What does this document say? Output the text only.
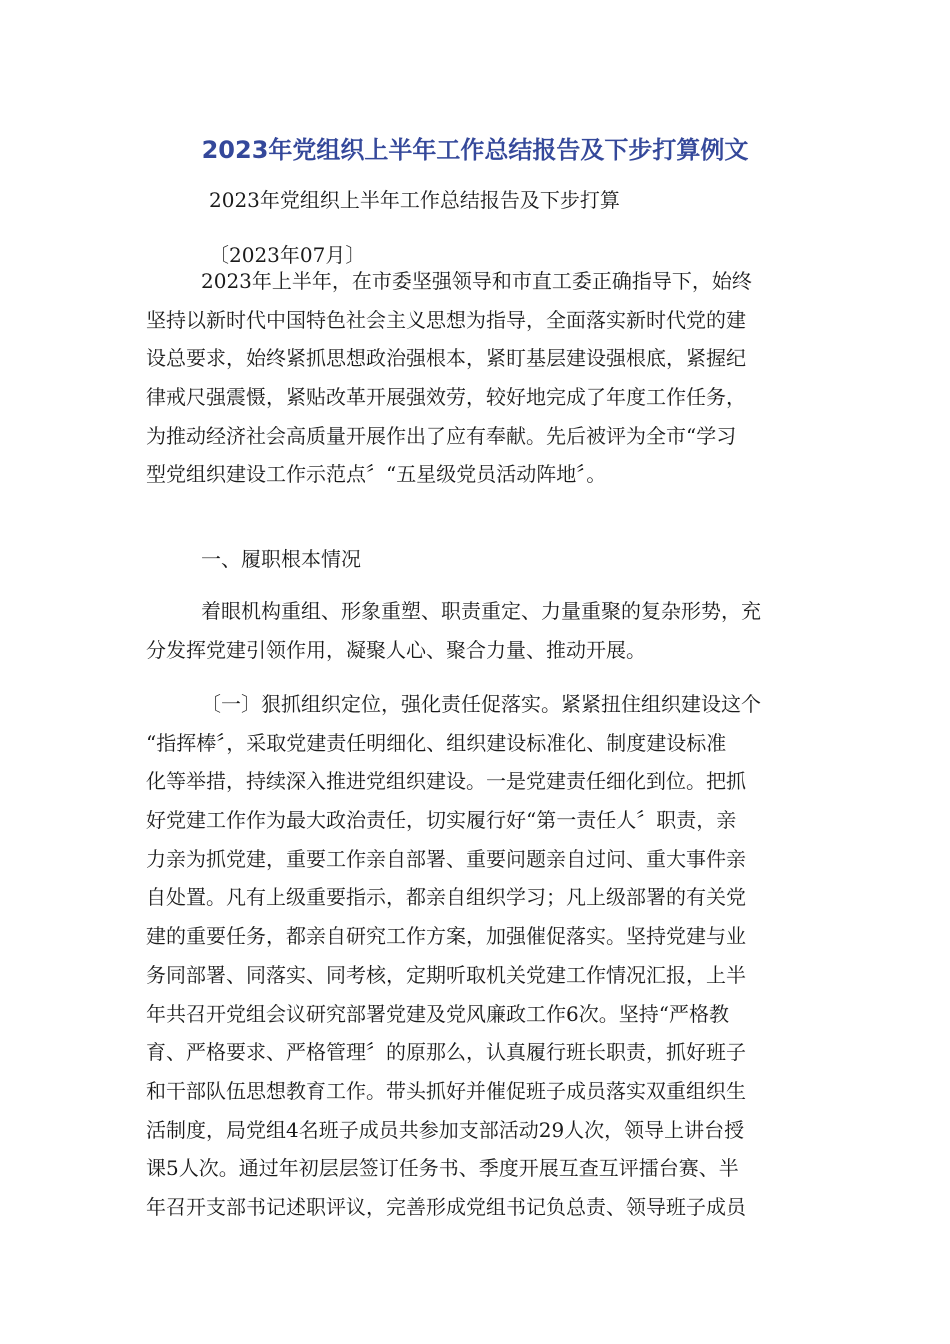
2023年党组织上半年工作总结报告及下步打算例文

2023年党组织上半年工作总结报告及下步打算

〔2023年07月〕

2023年上半年，在市委坚强领导和市直工委正确指导下，始终
坚持以新时代中国特色社会主义思想为指导，全面落实新时代党的建
设总要求，始终紧抓思想政治强根本，紧盯基层建设强根底，紧握纪
律戒尺强震慑，紧贴改革开展强效劳，较好地完成了年度工作任务，
为推动经济社会高质量开展作出了应有奉献。先后被评为全市“学习
型党组织建设工作示范点〞“五星级党员活动阵地〞。
一、履职根本情况
着眼机构重组、形象重塑、职责重定、力量重聚的复杂形势，充
分发挥党建引领作用，凝聚人心、聚合力量、推动开展。
〔一〕狠抓组织定位，强化责任促落实。紧紧扭住组织建设这个
“指挥棒〞，采取党建责任明细化、组织建设标准化、制度建设标准
化等举措，持续深入推进党组织建设。一是党建责任细化到位。把抓
好党建工作作为最大政治责任，切实履行好“第一责任人〞职责，亲
力亲为抓党建，重要工作亲自部署、重要问题亲自过问、重大事件亲
自处置。凡有上级重要指示，都亲自组织学习；凡上级部署的有关党
建的重要任务，都亲自研究工作方案，加强催促落实。坚持党建与业
务同部署、同落实、同考核，定期听取机关党建工作情况汇报，上半
年共召开党组会议研究部署党建及党风廉政工作6次。坚持“严格教
育、严格要求、严格管理〞的原那么，认真履行班长职责，抓好班子
和干部队伍思想教育工作。带头抓好并催促班子成员落实双重组织生
活制度，局党组4名班子成员共参加支部活动29人次，领导上讲台授
课5人次。通过年初层层签订任务书、季度开展互查互评擂台赛、半
年召开支部书记述职评议，完善形成党组书记负总责、领导班子成员
